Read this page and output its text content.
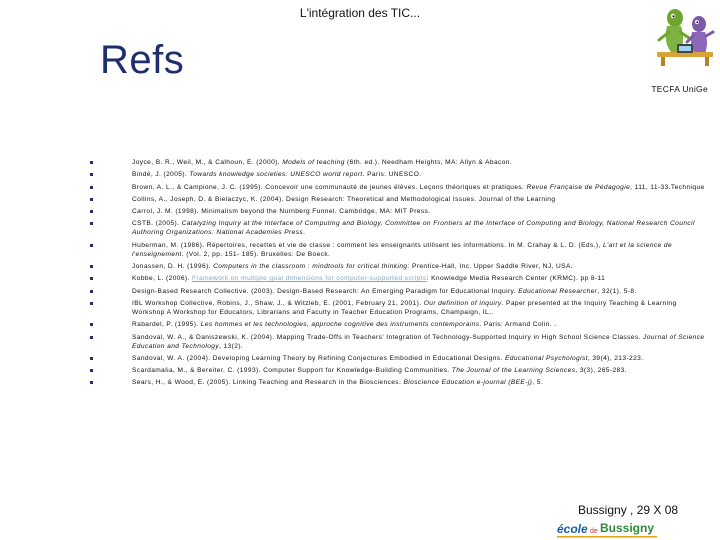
L'intégration des TIC...
Refs
TECFA UniGe
Joyce, B. R., Weil, M., & Calhoun, E. (2000). Models of teaching (6th. ed.). Needham Heights, MA: Allyn & Abacon.
Bindé, J. (2005). Towards knowledge societies: UNESCO world report. Paris: UNESCO.
Brown, A. L., & Campione, J. C. (1995). Concevoir une communauté de jeunes élèves. Leçons théoriques et pratiques. Revue Française de Pédagogie, 111, 11-33.Technique
Collins, A., Joseph, D. & Bielaczyc, K. (2004). Design Research: Theoretical and Methodological Issues. Journal of the Learning
Carrol, J. M. (1998). Minimalism beyond the Nurnberg Funnel. Cambridge, MA: MIT Press.
CSTB. (2005). Catalyzing Inquiry at the Interface of Computing and Biology, Committee on Frontiers at the Interface of Computing and Biology, National Research Council Authoring Organizations: National Academies Press.
Huberman, M. (1986). Répertoires, recettes et vie de classe : comment les enseignants utilisent les informations. In M. Crahay & L. D. (Eds.), L'art et la science de l'enseignement. (Vol. 2, pp. 151- 185). Bruxelles: De Boeck.
Jonassen, D. H. (1996). Computers in the classroom : mindtools for critical thinking: Prentice-Hall, Inc. Upper Saddle River, NJ, USA.
Kobbe, L. (2006). Framework on multiple goal dimensions for computer-supported scripts: Knowledge Media Research Center (KRMC). pp 8-11
Design-Based Research Collective. (2003). Design-Based Research: An Emerging Paradigm for Educational Inquiry. Educational Researcher, 32(1), 5-8.
IBL Workshop Collective, Robins, J., Shaw, J., & Witzleb, E. (2001, February 21, 2001). Our definition of inquiry. Paper presented at the Inquiry Teaching & Learning Workshop A Workshop for Educators, Librarians and Faculty in Teacher Education Programs, Champaign, IL,.
Rabardel, P. (1995). Les hommes et les technologies, approche cognitive des instruments contemporains. Paris: Armand Colin. .
Sandoval, W. A., & Daniszewski, K. (2004). Mapping Trade-Offs in Teachers' Integration of Technology-Supported Inquiry in High School Science Classes. Journal of Science Education and Technology, 13(2).
Sandoval, W. A. (2004). Developing Learning Theory by Refining Conjectures Embodied in Educational Designs. Educational Psychologist, 39(4), 213-223.
Scardamalia, M., & Bereiter, C. (1993). Computer Support for Knowledge-Building Communities. The Journal of the Learning Sciences, 3(3), 265-283.
Sears, H., & Wood, E. (2005). Linking Teaching and Research in the Biosciences. Bioscience Education e-journal (BEE-j), 5.
Bussigny , 29 X 08
école de Bussigny
